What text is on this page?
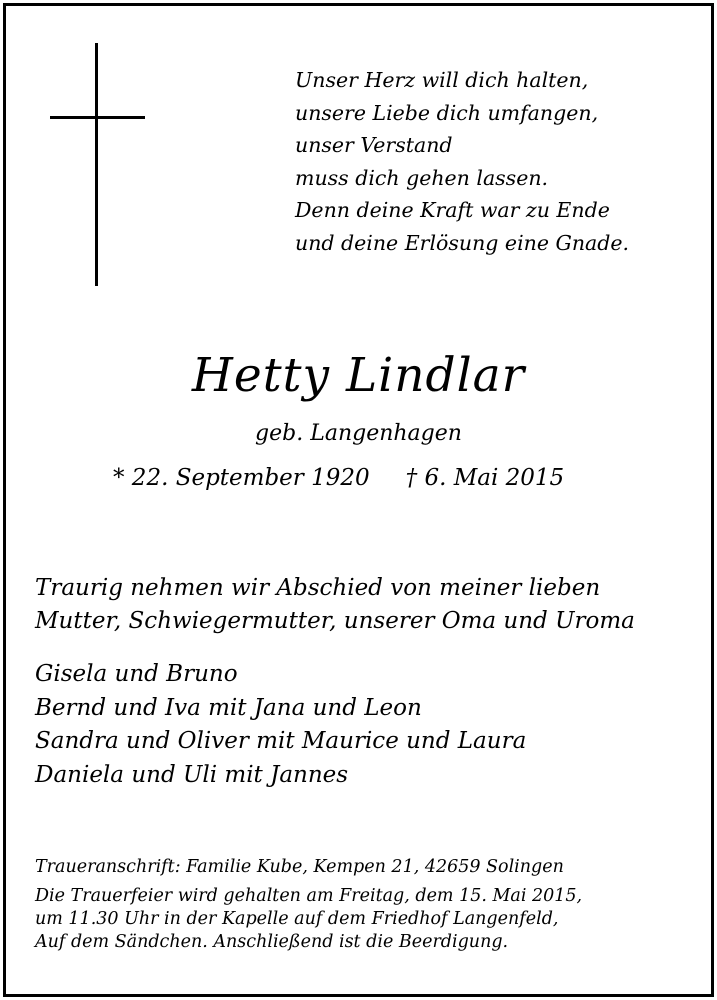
Unser Herz will dich halten,
unsere Liebe dich umfangen,
unser Verstand
muss dich gehen lassen.
Denn deine Kraft war zu Ende
und deine Erlösung eine Gnade.
Hetty Lindlar
geb. Langenhagen
* 22. September 1920 † 6. Mai 2015
Traurig nehmen wir Abschied von meiner lieben
Mutter, Schwiegermutter, unserer Oma und Uroma
Gisela und Bruno
Bernd und Iva mit Jana und Leon
Sandra und Oliver mit Maurice und Laura
Daniela und Uli mit Jannes
Traueranschrift: Familie Kube, Kempen 21, 42659 Solingen
Die Trauerfeier wird gehalten am Freitag, dem 15. Mai 2015,
um 11.30 Uhr in der Kapelle auf dem Friedhof Langenfeld,
Auf dem Sändchen. Anschließend ist die Beerdigung.
